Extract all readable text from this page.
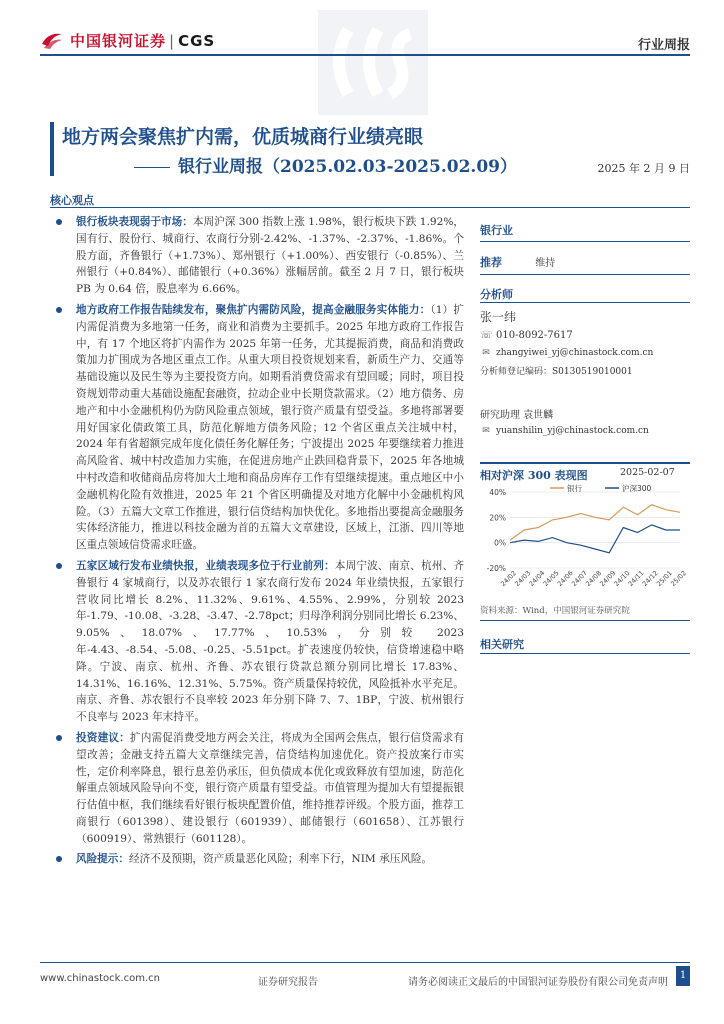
中国银河证券 | CGS	行业周报
地方两会聚焦扩内需，优质城商行业绩亮眼
银行业周报（2025.02.03-2025.02.09）	2025 年 2 月 9 日
核心观点
银行板块表现弱于市场：本周沪深 300 指数上涨 1.98%，银行板块下跌 1.92%，国有行、股份行、城商行、农商行分别-2.42%、-1.37%、-2.37%、-1.86%。个股方面，齐鲁银行（+1.73%）、郑州银行（+1.00%）、西安银行（-0.85%）、兰州银行（+0.84%）、邮储银行（+0.36%）涨幅居前。截至 2 月 7 日，银行板块 PB 为 0.64 倍，股息率为 6.66%。
地方政府工作报告陆续发布，聚焦扩内需防风险，提高金融服务实体能力：（1）扩内需促消费为多地第一任务，商业和消费为主要抓手。2025 年地方政府工作报告中，有 17 个地区将扩内需作为 2025 年第一任务，尤其提振消费，商品和消费政策加力扩围成为各地区重点工作。从重大项目投资规划来看，新质生产力、交通等基础设施以及民生等为主要投资方向。如期看消费贷需求有望回暖；同时，项目投资规划带动重大基础设施配套融资，拉动企业中长期贷款需求。（2）地方债务、房地产和中小金融机构仍为防风险重点领域，银行资产质量有望受益。多地将部署要用好国家化债政策工具，防范化解地方债务风险；12 个省区重点关注城中村，2024 年有省超额完成年度化债任务化解任务；宁波提出 2025 年要继续着力推进高风险省、城中村改造加力实施，在促进房地产止跌回稳背景下，2025 年各地城中村改造和收储商品房将加大土地和商品房库存工作有望继续提速。重点地区中小金融机构化险有效推进，2025 年 21 个省区明确提及对地方化解中小金融机构风险。（3）五篇大文章工作推进，银行信贷结构加快优化。多地指出要提高金融服务实体经济能力，推进以科技金融为首的五篇大文章建设，区域上，江浙、四川等地区重点领域信贷需求旺盛。
五家区域行发布业绩快报，业绩表现多位于行业前列：本周宁波、南京、杭州、齐鲁银行 4 家城商行，以及苏农银行 1 家农商行发布 2024 年业绩快报，五家银行营收同比增长 8.2%、11.32%、9.61%、4.55%、2.99%，分别较 2023 年-1.79、-10.08、-3.28、-3.47、-2.78pct；归母净利润分别同比增长 6.23%、9.05%、18.07%、17.77%、10.53%，分别较 2023 年-4.43、-8.54、-5.08、-0.25、-5.51pct。扩表速度仍较快，信贷增速稳中略降。宁波、南京、杭州、齐鲁、苏农银行贷款总额分别同比增长 17.83%、14.31%、16.16%、12.31%、5.75%。资产质量保持较优，风险抵补水平充足。南京、齐鲁、苏农银行不良率较 2023 年分别下降 7、7、1BP，宁波、杭州银行不良率与 2023 年末持平。
投资建议：扩内需促消费受地方两会关注，将成为全国两会焦点，银行信贷需求有望改善；金融支持五篇大文章继续完善，信贷结构加速优化。资产投放案行市实性，定价利率降息，银行息差仍承压，但负债成本优化或致释放有望加速，防范化解重点领域风险导向不变，银行资产质量有望受益。市值管理为提加大有望提振银行估值中枢，我们继续看好银行板块配置价值，维持推荐评级。个股方面，推荐工商银行（601398）、建设银行（601939）、邮储银行（601658）、江苏银行（600919）、常熟银行（601128）。
风险提示：经济不及预期，资产质量恶化风险；利率下行，NIM 承压风险。
银行业
推荐	维持
分析师
张一纬
☏ 010-8092-7617
✉ zhangyiwei_yj@chinastock.com.cn
分析师登记编码：S0130519010001
研究助理 袁世麟
✉ yuanshilin_yj@chinastock.com.cn
相对沪深 300 表现图	2025-02-07
40%
20%
0%
-20%
24/02
24/03
24/04
24/05
24/06
24/07
24/08
24/09
24/10
24/11
24/12
25/01
25/02
银行	沪深300
资料来源：Wind，中国银河证券研究院
相关研究
www.chinastock.com.cn	证券研究报告	请务必阅读正文最后的中国银河证券股份有限公司免责声明
1
